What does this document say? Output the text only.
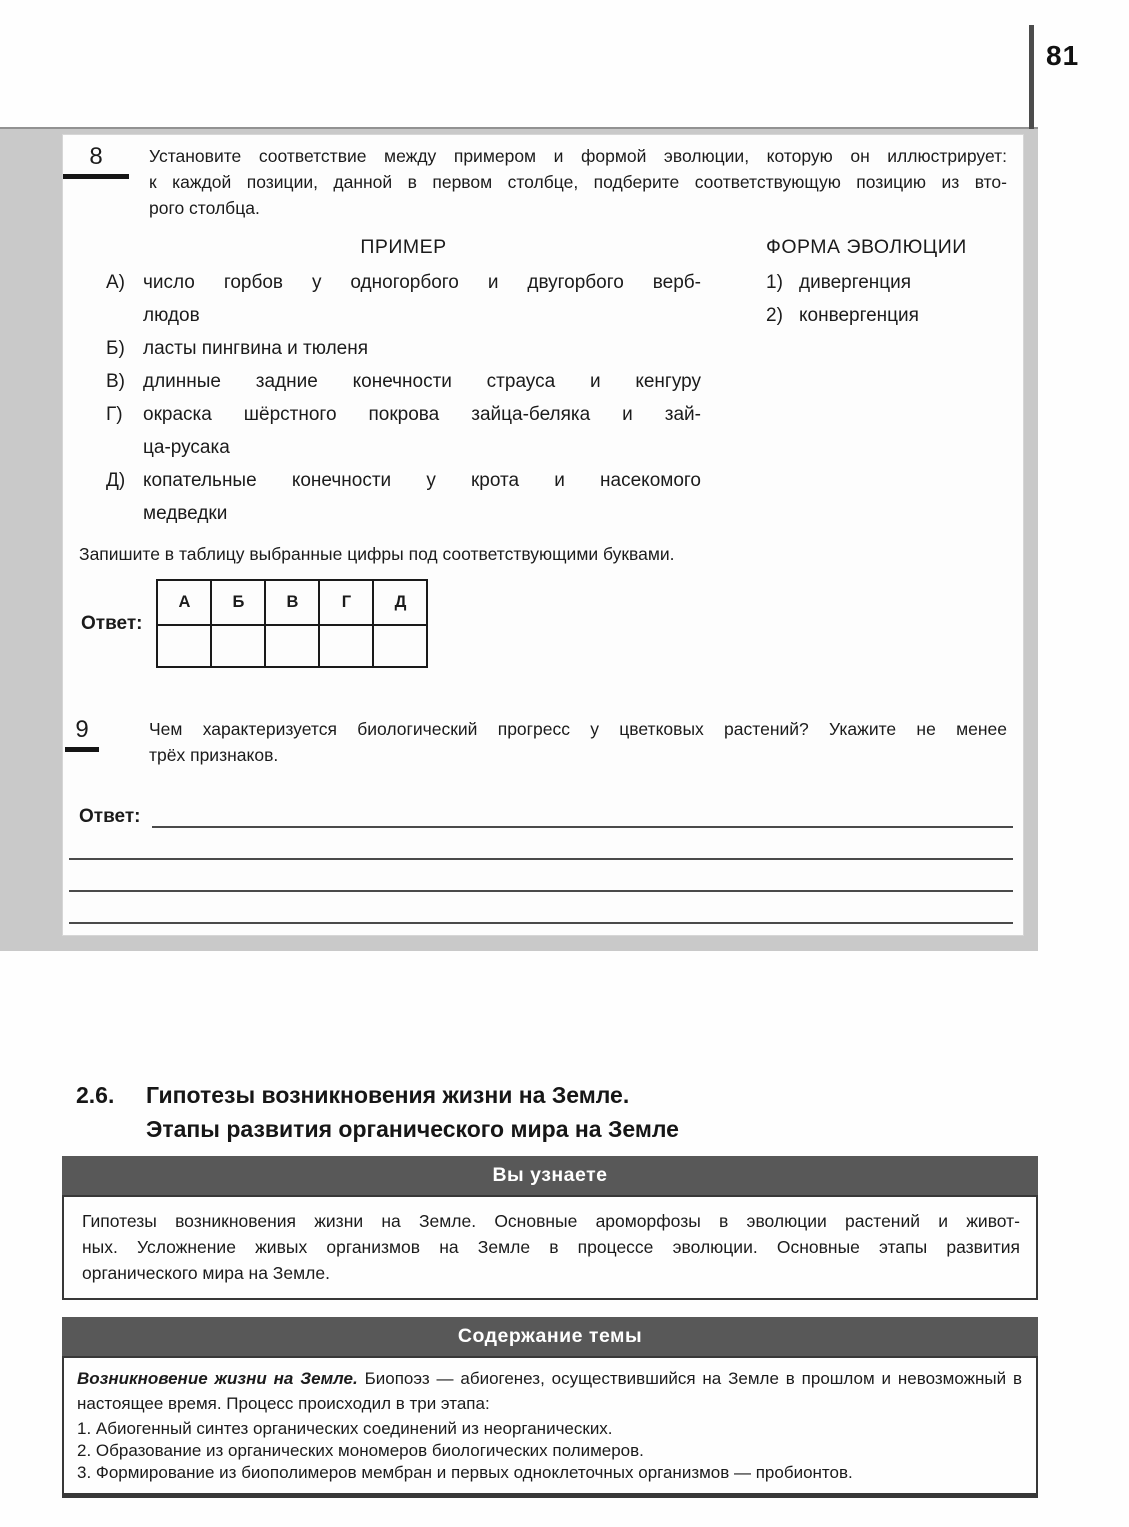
81
8	Установите соответствие между примером и формой эволюции, которую он иллюстрирует:
к каждой позиции, данной в первом столбце, подберите соответствующую позицию из вто-
рого столбца.
ПРИМЕР	ФОРМА ЭВОЛЮЦИИ
А) число горбов у одногорбого и двугорбого верб-
людов
Б) ласты пингвина и тюленя
В) длинные задние конечности страуса и кенгуру
Г)	окраска шёрстного покрова зайца-беляка и зай-
ца-русака
Д) копательные конечности у крота и насекомого
медведки
1) дивергенция
2) конвергенция
Запишите в таблицу выбранные цифры под соответствующими буквами.
Ответ:
А	Б	В	Г	Д

9	Чем характеризуется биологический прогресс у цветковых растений? Укажите не менее
трёх признаков.
Ответ:
2.6.	Гипотезы возникновения жизни на Земле.
Этапы развития органического мира на Земле
Вы узнаете
Гипотезы возникновения жизни на Земле. Основные ароморфозы в эволюции растений и живот-
ных. Усложнение живых организмов на Земле в процессе эволюции. Основные этапы развития
органического мира на Земле.
Содержание темы
Возникновение жизни на Земле. Биопоэз — абиогенез, осуществившийся на Земле в прошлом и невозможный в настоящее время. Процесс происходил в три этапа:
1. Абиогенный синтез органических соединений из неорганических.
2. Образование из органических мономеров биологических полимеров.
3. Формирование из биополимеров мембран и первых одноклеточных организмов — пробионтов.
